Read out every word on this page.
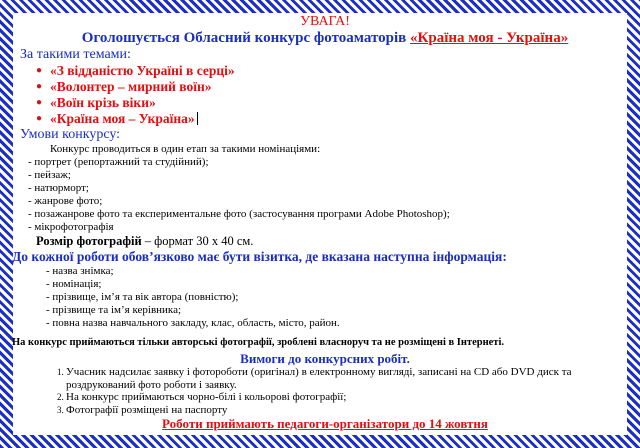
УВАГА!
Оголошується Обласний конкурс фотоаматорів «Країна моя - Україна»
За такими темами:
● «З відданістю Україні в серці»
● «Волонтер – мирний воїн»
● «Воїн крізь віки»
● «Країна моя – Україна»
Умови конкурсу:
Конкурс проводиться в один етап за такими номінаціями:
- портрет (репортажний та студійний);
- пейзаж;
- натюрморт;
- жанрове фото;
- позажанрове фото та експериментальне фото (застосування програми Adobe Photoshop);
- мікрофотографія
Розмір фотографій – формат 30 х 40 см.
До кожної роботи обов’язково має бути візитка, де вказана наступна інформація:
- назва знімка;
- номінація;
- прізвище, ім’я та вік автора (повністю);
- прізвище та ім’я керівника;
- повна назва навчального закладу, клас, область, місто, район.
На конкурс приймаються тільки авторські фотографії, зроблені власноруч та не розміщені в Інтернеті.
Вимоги до конкурсних робіт.
1. Учасник надсилає заявку і фотороботи (оригінал) в електронному вигляді, записані на CD або DVD диск та роздрукований фото роботи і заявку.
2. На конкурс приймаються чорно-білі і кольорові фотографії;
3. Фотографії розміщені на паспорту
Роботи приймають педагоги-організатори до 14 жовтня
